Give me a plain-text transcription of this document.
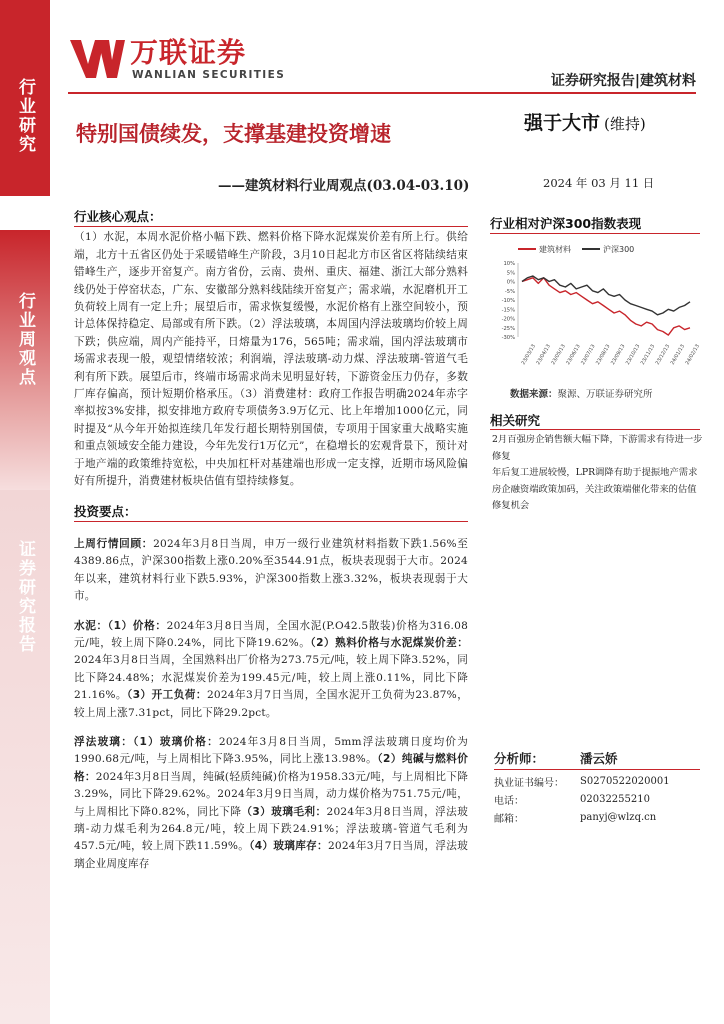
行业研究
行业周观点
证券研究报告
万联证券
WANLIAN SECURITIES	证券研究报告|建筑材料
特别国债续发，支撑基建投资增速
——建筑材料行业周观点(03.04-03.10)
强于大市 (维持)
2024 年 03 月 11 日
行业核心观点：
（1）水泥，本周水泥价格小幅下跌、燃料价格下降水泥煤炭价差有所上行。供给端，北方十五省区仍处于采暖错峰生产阶段，3月10日起北方市区省区将陆续结束错峰生产，逐步开窑复产。南方省份，云南、贵州、重庆、福建、浙江大部分熟料线仍处于停窑状态，广东、安徽部分熟料线陆续开窑复产；需求端，水泥磨机开工负荷较上周有一定上升；展望后市，需求恢复缓慢，水泥价格有上涨空间较小，预计总体保持稳定、局部或有所下跌。（2）浮法玻璃，本周国内浮法玻璃均价较上周下跌；供应端，周内产能持平，日熔量为176，565吨；需求端，国内浮法玻璃市场需求表现一般，观望情绪较浓；利润端，浮法玻璃-动力煤、浮法玻璃-管道气毛利有所下跌。展望后市，终端市场需求尚未见明显好转，下游资金压力仍存，多数厂库存偏高，预计短期价格承压。（3）消费建材：政府工作报告明确2024年赤字率拟按3%安排，拟安排地方政府专项债务3.9万亿元、比上年增加1000亿元，同时提及“从今年开始拟连续几年发行超长期特别国债，专项用于国家重大战略实施和重点领域安全能力建设，今年先发行1万亿元”，在稳增长的宏观背景下，预计对于地产端的政策维持宽松，中央加杠杆对基建端也形成一定支撑，近期市场风险偏好有所提升，消费建材板块估值有望持续修复。
投资要点：
上周行情回顾：2024年3月8日当周，申万一级行业建筑材料指数下跌1.56%至4389.86点，沪深300指数上涨0.20%至3544.91点，板块表现弱于大市。2024年以来，建筑材料行业下跌5.93%，沪深300指数上涨3.32%，板块表现弱于大市。
水泥：（1）价格：2024年3月8日当周，全国水泥(P.O42.5散装)价格为316.08元/吨，较上周下降0.24%，同比下降19.62%。（2）熟料价格与水泥煤炭价差：2024年3月8日当周，全国熟料出厂价格为273.75元/吨，较上周下降3.52%，同比下降24.48%；水泥煤炭价差为199.45元/吨，较上周上涨0.11%，同比下降21.16%。（3）开工负荷：2024年3月7日当周，全国水泥开工负荷为23.87%，较上周上涨7.31pct，同比下降29.2pct。
浮法玻璃：（1）玻璃价格：2024年3月8日当周，5mm浮法玻璃日度均价为1990.68元/吨，与上周相比下降3.95%，同比上涨13.98%。（2）纯碱与燃料价格：2024年3月8日当周，纯碱(轻质纯碱)价格为1958.33元/吨，与上周相比下降3.29%，同比下降29.62%。2024年3月9日当周，动力煤价格为751.75元/吨，与上周相比下降0.82%，同比下降（3）玻璃毛利：2024年3月8日当周，浮法玻璃-动力煤毛利为264.8元/吨，较上周下跌24.91%；浮法玻璃-管道气毛利为457.5元/吨，较上周下跌11.59%。（4）玻璃库存：2024年3月7日当周，浮法玻璃企业周度库存
行业相对沪深300指数表现
建筑材料	沪深300
10%
5%
0%
-5%
-10%
-15%
-20%
-25%
-30%
23/03/13
23/04/13
23/05/13
23/06/13
23/07/13
23/08/13
23/09/13
23/10/13
23/11/13
23/12/13
24/01/13
24/02/13
数据来源：聚源、万联证券研究所
相关研究
2月百强房企销售额大幅下降，下游需求有待进一步修复
年后复工进展较慢，LPR调降有助于提振地产需求
房企融资端政策加码，关注政策端催化带来的估值修复机会
分析师：	潘云娇
执业证书编号：	S0270522020001
电话：	02032255210
邮箱：	panyj@wlzq.cn
